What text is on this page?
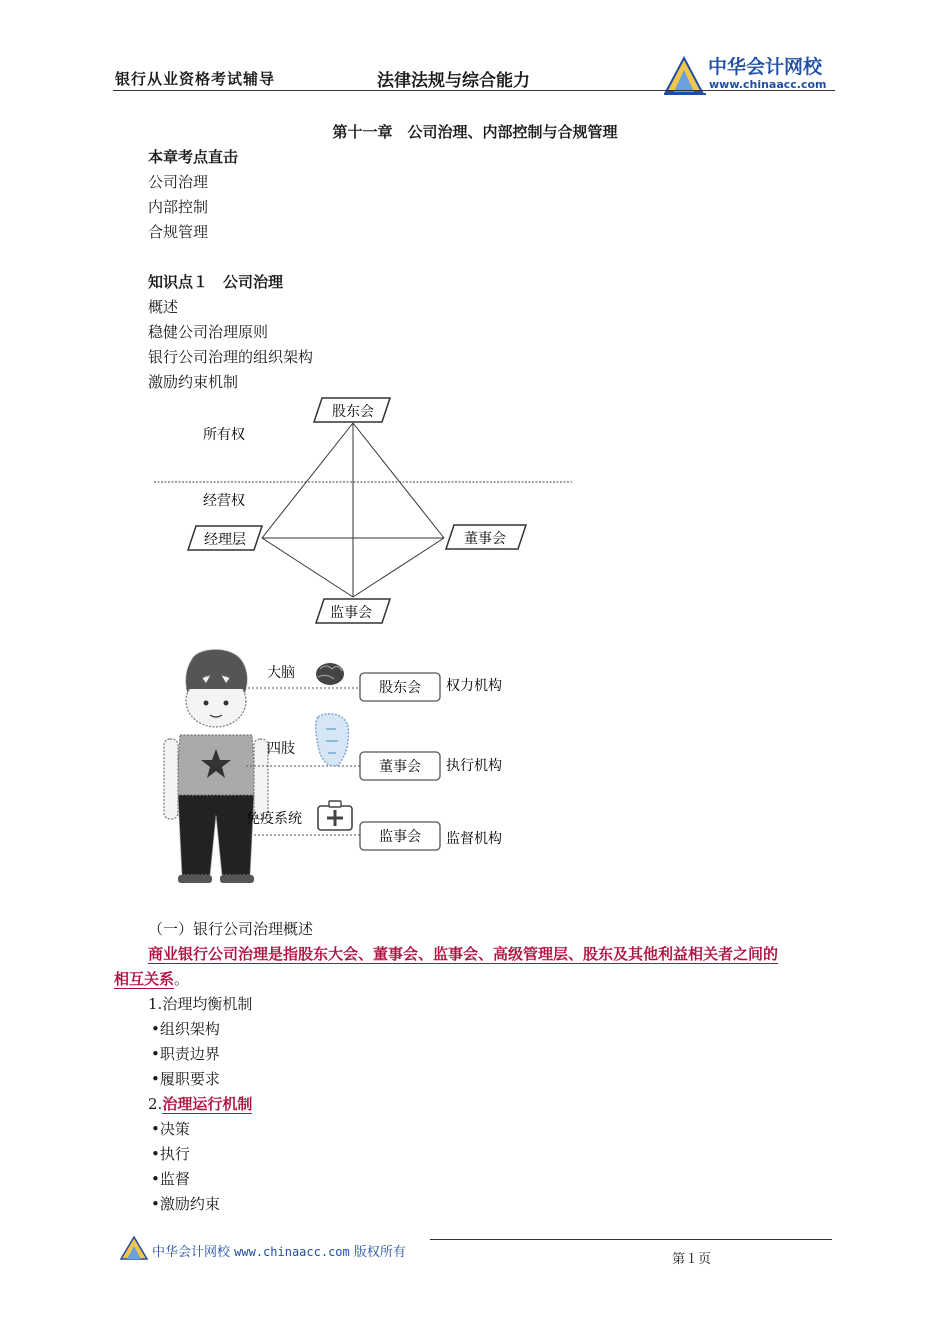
银行从业资格考试辅导	法律法规与综合能力
中华会计网校
www.chinaacc.com
第十一章　公司治理、内部控制与合规管理
本章考点直击
公司治理
内部控制
合规管理
知识点１　公司治理
概述
稳健公司治理原则
银行公司治理的组织架构
激励约束机制
股东会
经理层	董事会
监事会
所有权
经营权
股东会
董事会
监事会
大脑
四肢
免疫系统
权力机构
执行机构
监督机构
（一）银行公司治理概述
商业银行公司治理是指股东大会、董事会、监事会、高级管理层、股东及其他利益相关者之间的
相互关系。
1.治理均衡机制
•组织架构
•职责边界
•履职要求
2.治理运行机制
•决策
•执行
•监督
•激励约束
中华会计网校 www.chinaacc.com 版权所有	第１页
